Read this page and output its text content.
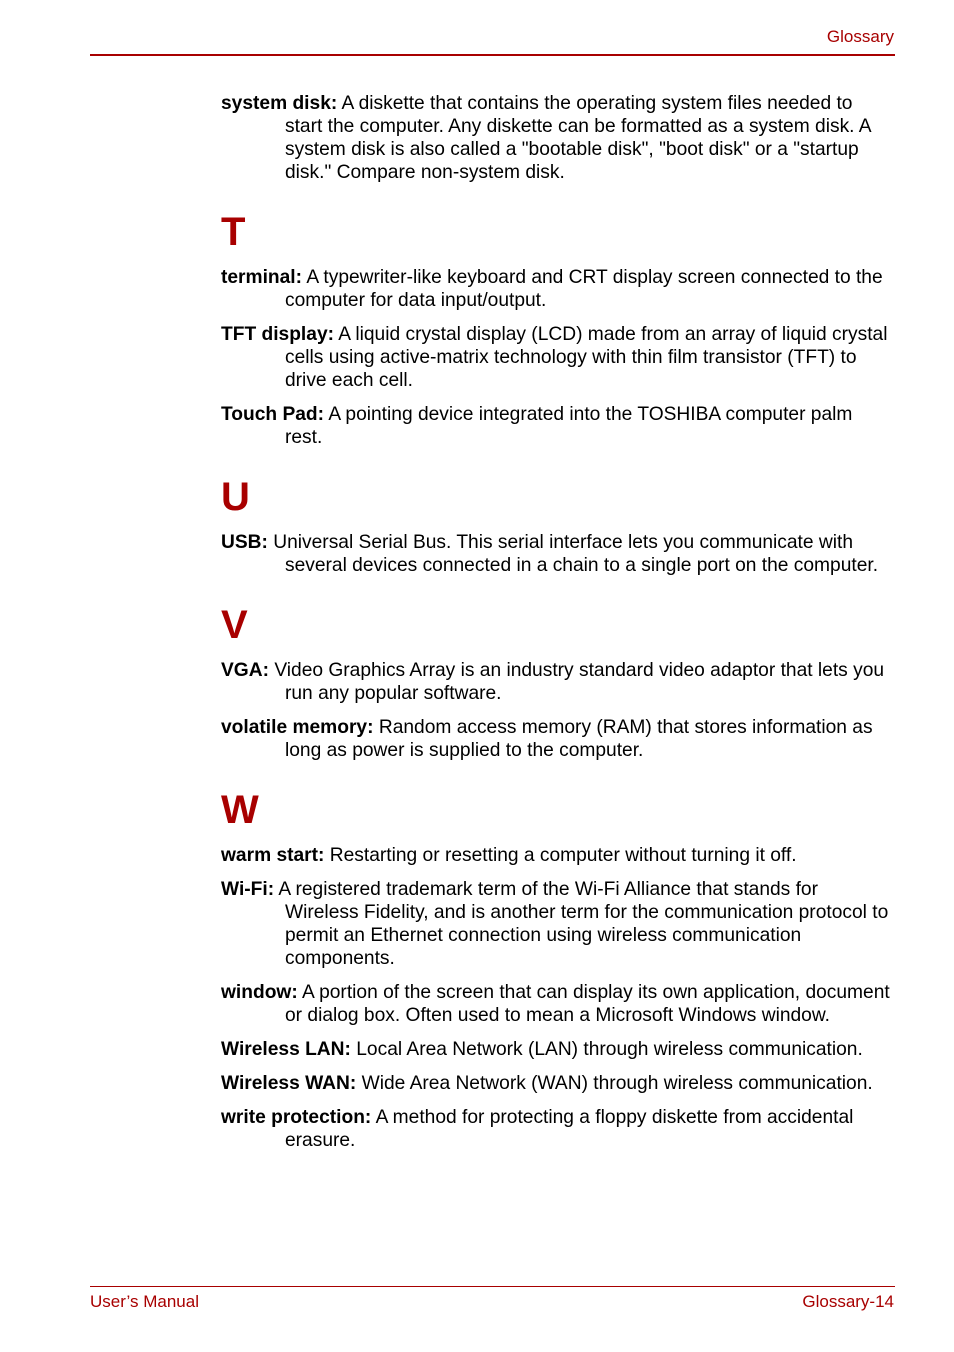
Glossary

system disk: A diskette that contains the operating system files needed to start the computer. Any diskette can be formatted as a system disk. A system disk is also called a "bootable disk", "boot disk" or a "startup disk." Compare non-system disk.

T

terminal: A typewriter-like keyboard and CRT display screen connected to the computer for data input/output.

TFT display: A liquid crystal display (LCD) made from an array of liquid crystal cells using active-matrix technology with thin film transistor (TFT) to drive each cell.

Touch Pad: A pointing device integrated into the TOSHIBA computer palm rest.

U

USB: Universal Serial Bus. This serial interface lets you communicate with several devices connected in a chain to a single port on the computer.

V

VGA: Video Graphics Array is an industry standard video adaptor that lets you run any popular software.

volatile memory: Random access memory (RAM) that stores information as long as power is supplied to the computer.

W

warm start: Restarting or resetting a computer without turning it off.

Wi-Fi: A registered trademark term of the Wi-Fi Alliance that stands for Wireless Fidelity, and is another term for the communication protocol to permit an Ethernet connection using wireless communication components.

window: A portion of the screen that can display its own application, document or dialog box. Often used to mean a Microsoft Windows window.

Wireless LAN: Local Area Network (LAN) through wireless communication.

Wireless WAN: Wide Area Network (WAN) through wireless communication.

write protection: A method for protecting a floppy diskette from accidental erasure.

User’s Manual	Glossary-14
